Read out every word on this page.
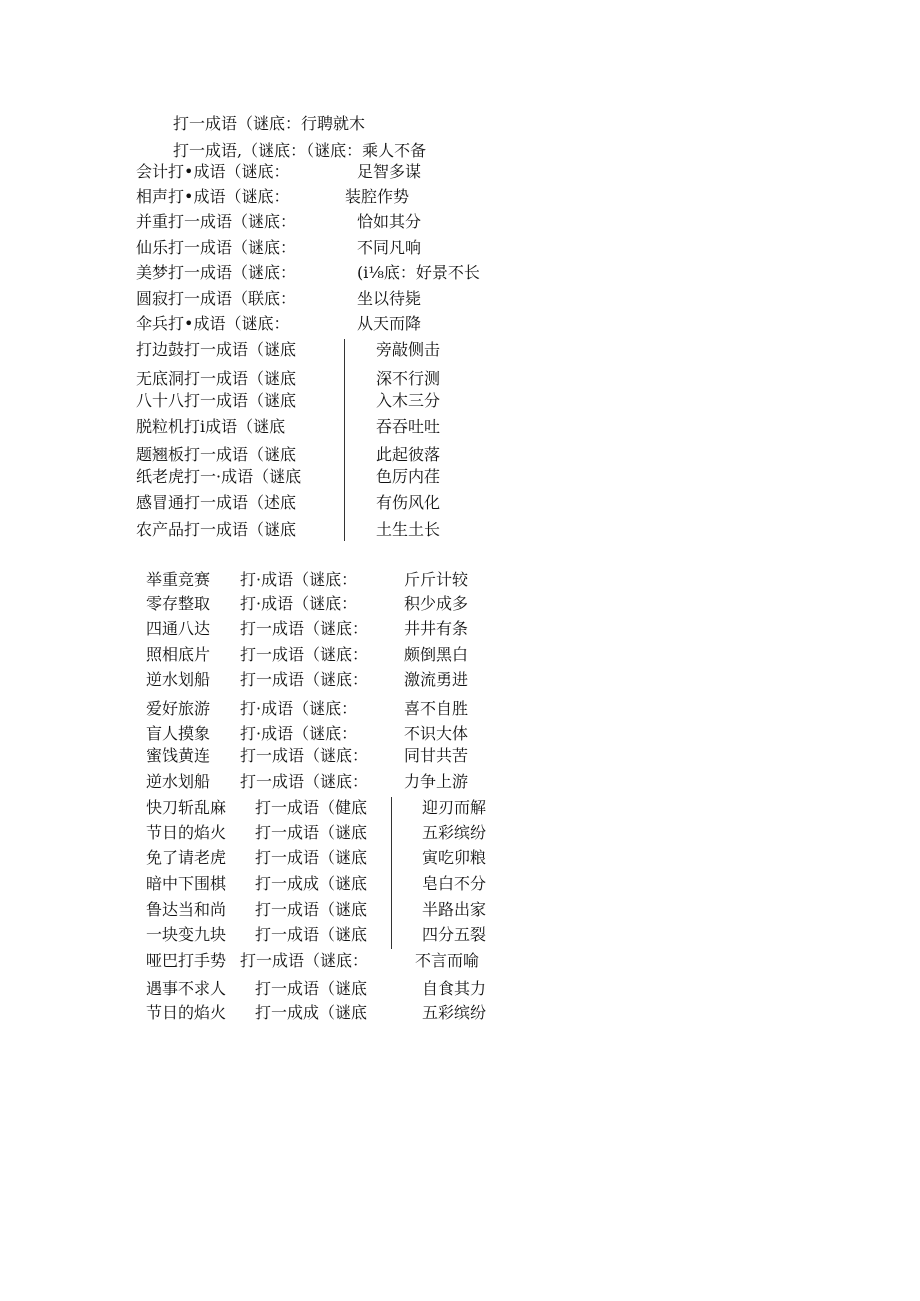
打一成语（谜底：行聘就木
打一成语,（谜底：（谜底：乘人不备
会计打•成语（谜底：	足智多谋
相声打•成语（谜底：	装腔作势
并重打一成语（谜底：	恰如其分
仙乐打一成语（谜底：	不同凡响
美梦打一成语（谜底：	(i⅛底：好景不长
圆寂打一成语（联底：	坐以待毙
伞兵打•成语（谜底：	从天而降
打边鼓打一成语（谜底	旁敲侧击
无底洞打一成语（谜底	深不行测
八十八打一成语（谜底	入木三分
脱粒机打i成语（谜底	吞吞吐吐
题翘板打一成语（谜底	此起彼落
纸老虎打一·成语（谜底	色厉内荏
感冒通打一成语（述底	有伤风化
农产品打一成语（谜底	土生土长
举重竞赛 打·成语（谜底：	斤斤计较
零存整取 打·成语（谜底：	积少成多
四通八达 打一成语（谜底： 井井有条
照相底片 打一成语（谜底： 颇倒黑白
逆水划船 打一成语（谜底： 激流勇进
爱好旅游 打·成语（谜底：	喜不自胜
盲人摸象 打·成语（谜底：	不识大体
蜜饯黄连 打一成语（谜底： 同甘共苦
逆水划船 打一成语（谜底： 力争上游
快刀斩乱麻 打一成语（健底	迎刃而解
节日的焰火 打一成语（谜底	五彩缤纷
免了请老虎 打一成语（谜底	寅吃卯粮
暗中下围棋 打一成成（谜底	皂白不分
鲁达当和尚 打一成语（谜底	半路出家
一块变九块 打一成语（谜底	四分五裂
哑巴打手势 打一成语（谜底：	不言而喻
遇事不求人 打一成语（谜底	自食其力
节日的焰火 打一成成（谜底	五彩缤纷
